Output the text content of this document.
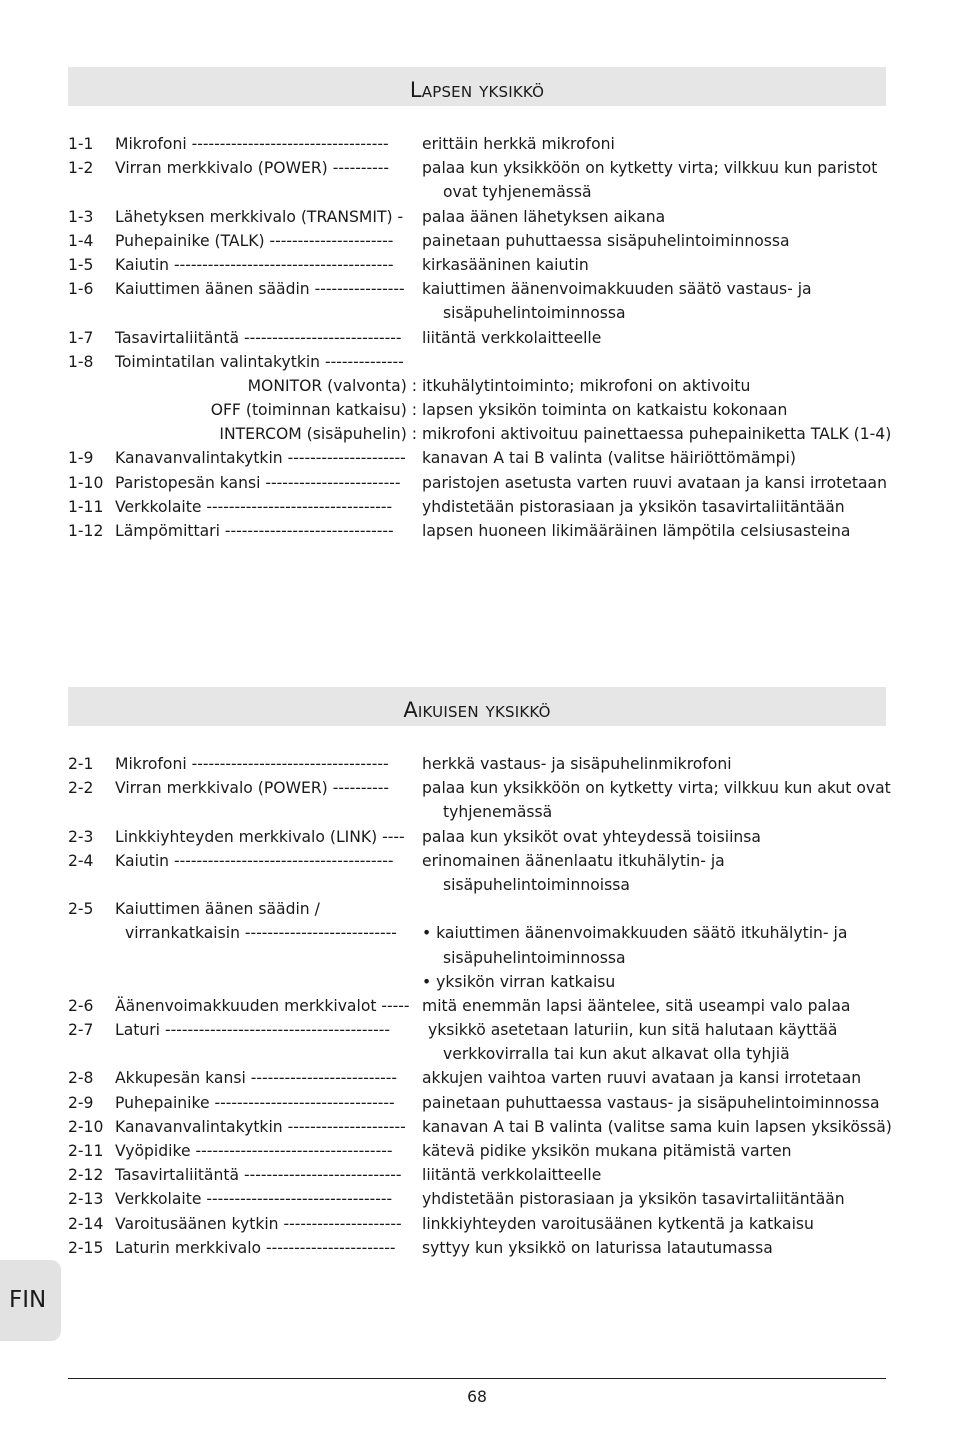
Lapsen yksikkö
1-1 Mikrofoni ----------------------------------- erittäin herkkä mikrofoni
1-2 Virran merkkivalo (POWER) ---------- palaa kun yksikköön on kytketty virta; vilkkuu kun paristot
ovat tyhjenemässä
1-3 Lähetyksen merkkivalo (TRANSMIT) - palaa äänen lähetyksen aikana
1-4 Puhepainike (TALK) ---------------------- painetaan puhuttaessa sisäpuhelintoiminnossa
1-5 Kaiutin --------------------------------------- kirkasääninen kaiutin
1-6 Kaiuttimen äänen säädin ---------------- kaiuttimen äänenvoimakkuuden säätö vastaus- ja
sisäpuhelintoiminnossa
1-7 Tasavirtaliitäntä ---------------------------- liitäntä verkkolaitteelle
1-8 Toimintatilan valintakytkin --------------
MONITOR (valvonta) : itkuhälytintoiminto; mikrofoni on aktivoitu
OFF (toiminnan katkaisu) : lapsen yksikön toiminta on katkaistu kokonaan
INTERCOM (sisäpuhelin) : mikrofoni aktivoituu painettaessa puhepainiketta TALK (1-4)
1-9 Kanavanvalintakytkin --------------------- kanavan A tai B valinta (valitse häiriöttömämpi)
1-10 Paristopesän kansi ------------------------ paristojen asetusta varten ruuvi avataan ja kansi irrotetaan
1-11 Verkkolaite --------------------------------- yhdistetään pistorasiaan ja yksikön tasavirtaliitäntään
1-12 Lämpömittari ------------------------------ lapsen huoneen likimääräinen lämpötila celsiusasteina
Aikuisen yksikkö
2-1 Mikrofoni ----------------------------------- herkkä vastaus- ja sisäpuhelinmikrofoni
2-2 Virran merkkivalo (POWER) ---------- palaa kun yksikköön on kytketty virta; vilkkuu kun akut ovat
tyhjenemässä
2-3 Linkkiyhteyden merkkivalo (LINK) ---- palaa kun yksiköt ovat yhteydessä toisiinsa
2-4 Kaiutin --------------------------------------- erinomainen äänenlaatu itkuhälytin- ja
sisäpuhelintoiminnoissa
2-5 Kaiuttimen äänen säädin /
virrankatkaisin --------------------------- • kaiuttimen äänenvoimakkuuden säätö itkuhälytin- ja
sisäpuhelintoiminnossa
• yksikön virran katkaisu
2-6 Äänenvoimakkuuden merkkivalot ----- mitä enemmän lapsi ääntelee, sitä useampi valo palaa
2-7 Laturi ---------------------------------------- yksikkö asetetaan laturiin, kun sitä halutaan käyttää
verkkovirralla tai kun akut alkavat olla tyhjiä
2-8 Akkupesän kansi -------------------------- akkujen vaihtoa varten ruuvi avataan ja kansi irrotetaan
2-9 Puhepainike -------------------------------- painetaan puhuttaessa vastaus- ja sisäpuhelintoiminnossa
2-10 Kanavanvalintakytkin --------------------- kanavan A tai B valinta (valitse sama kuin lapsen yksikössä)
2-11 Vyöpidike ----------------------------------- kätevä pidike yksikön mukana pitämistä varten
2-12 Tasavirtaliitäntä ---------------------------- liitäntä verkkolaitteelle
2-13 Verkkolaite --------------------------------- yhdistetään pistorasiaan ja yksikön tasavirtaliitäntään
2-14 Varoitusäänen kytkin --------------------- linkkiyhteyden varoitusäänen kytkentä ja katkaisu
2-15 Laturin merkkivalo ----------------------- syttyy kun yksikkö on laturissa latautumassa
FIN
68
